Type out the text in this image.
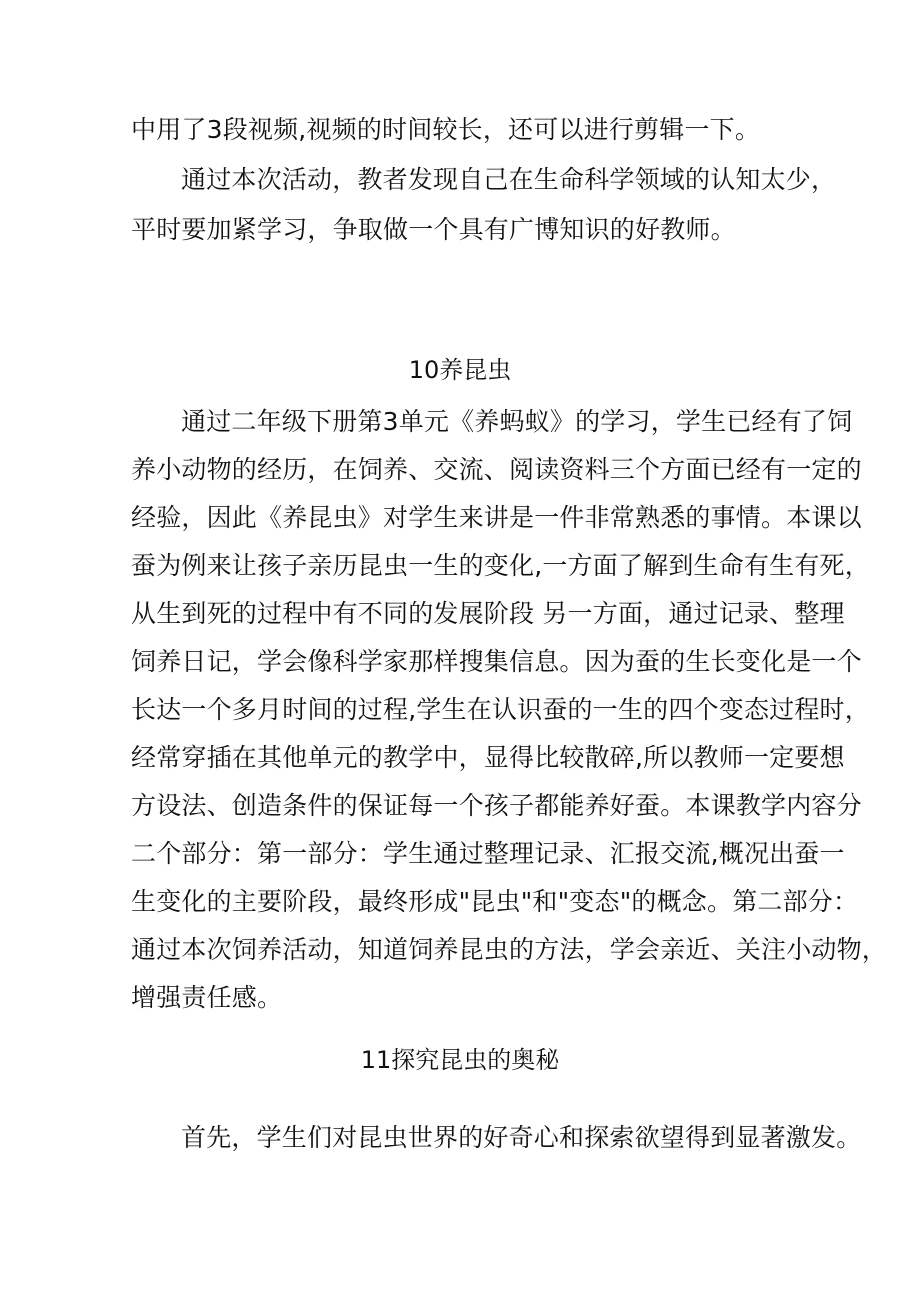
中用了3段视频,视频的时间较长，还可以进行剪辑一下。
通过本次活动，教者发现自己在生命科学领域的认知太少，
平时要加紧学习，争取做一个具有广博知识的好教师。
10养昆虫
通过二年级下册第3单元《养蚂蚁》的学习，学生已经有了饲
养小动物的经历，在饲养、交流、阅读资料三个方面已经有一定的
经验，因此《养昆虫》对学生来讲是一件非常熟悉的事情。本课以
蚕为例来让孩子亲历昆虫一生的变化,一方面了解到生命有生有死，
从生到死的过程中有不同的发展阶段 另一方面，通过记录、整理
饲养日记，学会像科学家那样搜集信息。因为蚕的生长变化是一个
长达一个多月时间的过程,学生在认识蚕的一生的四个变态过程时，
经常穿插在其他单元的教学中，显得比较散碎,所以教师一定要想
方设法、创造条件的保证每一个孩子都能养好蚕。本课教学内容分
二个部分：第一部分：学生通过整理记录、汇报交流,概况出蚕一
生变化的主要阶段，最终形成"昆虫"和"变态"的概念。第二部分：
通过本次饲养活动，知道饲养昆虫的方法，学会亲近、关注小动物，
增强责任感。
11探究昆虫的奥秘
首先，学生们对昆虫世界的好奇心和探索欲望得到显著激发。
